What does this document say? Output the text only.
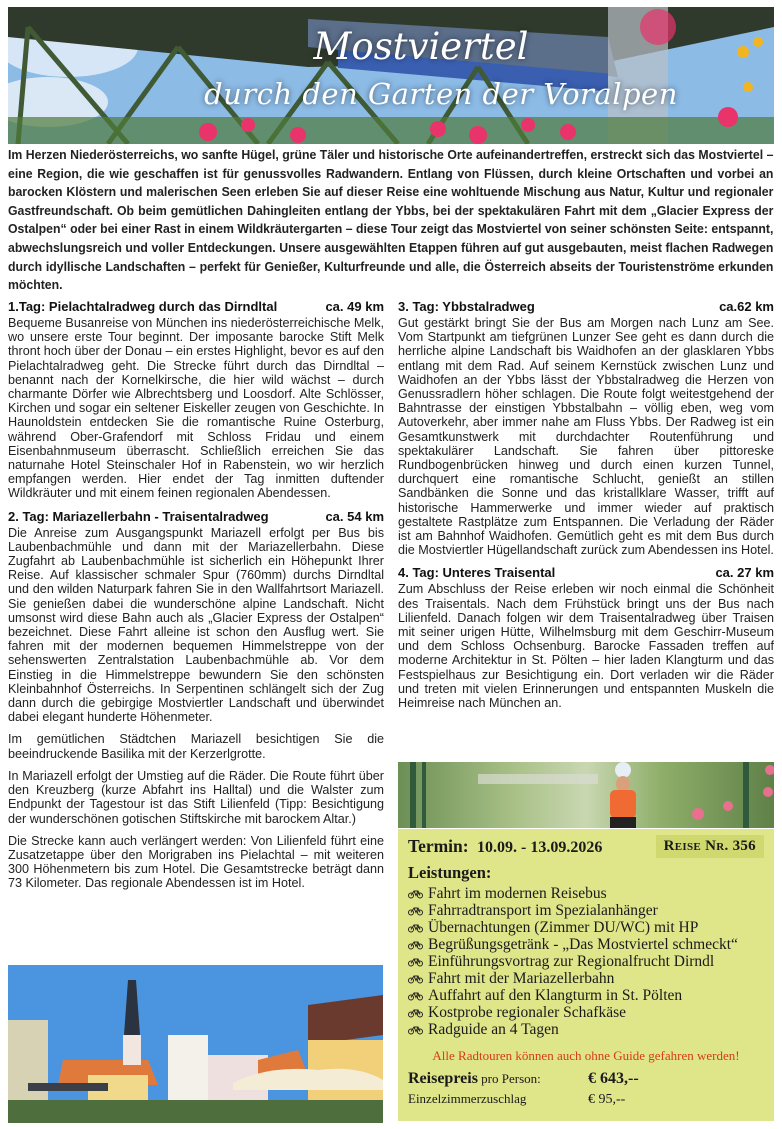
Mostviertel
durch den Garten der Voralpen
Im Herzen Niederösterreichs, wo sanfte Hügel, grüne Täler und historische Orte aufeinandertreffen, erstreckt sich das Mostviertel – eine Region, die wie geschaffen ist für genussvolles Radwandern. Entlang von Flüssen, durch kleine Ortschaften und vorbei an barocken Klöstern und malerischen Seen erleben Sie auf dieser Reise eine wohltuende Mischung aus Natur, Kultur und regionaler Gastfreundschaft. Ob beim gemütlichen Dahingleiten entlang der Ybbs, bei der spektakulären Fahrt mit dem „Glacier Express der Ostalpen“ oder bei einer Rast in einem Wildkräutergarten – diese Tour zeigt das Mostviertel von seiner schönsten Seite: entspannt, abwechslungsreich und voller Entdeckungen. Unsere ausgewählten Etappen führen auf gut ausgebauten, meist flachen Radwegen durch idyllische Landschaften – perfekt für Genießer, Kulturfreunde und alle, die Österreich abseits der Touristenströme erkunden möchten.
1.Tag: Pielachtalradweg durch das Dirndltal	ca. 49 km

Bequeme Busanreise von München ins niederösterreichische Melk, wo unsere erste Tour beginnt. Der imposante barocke Stift Melk thront hoch über der Donau – ein erstes Highlight, bevor es auf den Pielachtalradweg geht. Die Strecke führt durch das Dirndltal – benannt nach der Kornelkirsche, die hier wild wächst – durch charmante Dörfer wie Albrechtsberg und Loosdorf. Alte Schlösser, Kirchen und sogar ein seltener Eiskeller zeugen von Geschichte. In Haunoldstein entdecken Sie die romantische Ruine Osterburg, während Ober-Grafendorf mit Schloss Fridau und einem Eisenbahnmuseum überrascht. Schließlich erreichen Sie das naturnahe Hotel Steinschaler Hof in Rabenstein, wo wir herzlich empfangen werden. Hier endet der Tag inmitten duftender Wildkräuter und mit einem feinen regionalen Abendessen.

2. Tag: Mariazellerbahn - Traisentalradweg	ca. 54 km

Die Anreise zum Ausgangspunkt Mariazell erfolgt per Bus bis Laubenbachmühle und dann mit der Mariazellerbahn. Diese Zugfahrt ab Laubenbachmühle ist sicherlich ein Höhepunkt Ihrer Reise. Auf klassischer schmaler Spur (760mm) durchs Dirndltal und den wilden Naturpark fahren Sie in den Wallfahrtsort Mariazell. Sie genießen dabei die wunderschöne alpine Landschaft. Nicht umsonst wird diese Bahn auch als „Glacier Express der Ostalpen“ bezeichnet. Diese Fahrt alleine ist schon den Ausflug wert. Sie fahren mit der modernen bequemen Himmelstreppe von der sehenswerten Zentralstation Laubenbachmühle ab. Vor dem Einstieg in die Himmelstreppe bewundern Sie den schönsten Kleinbahnhof Österreichs. In Serpentinen schlängelt sich der Zug dann durch die gebirgige Mostviertler Landschaft und überwindet dabei elegant hunderte Höhenmeter.

Im gemütlichen Städtchen Mariazell besichtigen Sie die beeindruckende Basilika mit der Kerzerlgrotte.

In Mariazell erfolgt der Umstieg auf die Räder. Die Route führt über den Kreuzberg (kurze Abfahrt ins Halltal) und die Walster zum Endpunkt der Tagestour ist das Stift Lilienfeld (Tipp: Besichtigung der wunderschönen gotischen Stiftskirche mit barockem Altar.)

Die Strecke kann auch verlängert werden: Von Lilienfeld führt eine Zusatzetappe über den Morigraben ins Pielachtal – mit weiteren 300 Höhenmetern bis zum Hotel. Die Gesamtstrecke beträgt dann 73 Kilometer. Das regionale Abendessen ist im Hotel.

3. Tag: Ybbstalradweg	ca.62 km

Gut gestärkt bringt Sie der Bus am Morgen nach Lunz am See. Vom Startpunkt am tiefgrünen Lunzer See geht es dann durch die herrliche alpine Landschaft bis Waidhofen an der glasklaren Ybbs entlang mit dem Rad. Auf seinem Kernstück zwischen Lunz und Waidhofen an der Ybbs lässt der Ybbstalradweg die Herzen von Genussradlern höher schlagen. Die Route folgt weitestgehend der Bahntrasse der einstigen Ybbstalbahn – völlig eben, weg vom Autoverkehr, aber immer nahe am Fluss Ybbs. Der Radweg ist ein Gesamtkunstwerk mit durchdachter Routenführung und spektakulärer Landschaft. Sie fahren über pittoreske Rundbogenbrücken hinweg und durch einen kurzen Tunnel, durchquert eine romantische Schlucht, genießt an stillen Sandbänken die Sonne und das kristallklare Wasser, trifft auf historische Hammerwerke und immer wieder auf praktisch gestaltete Rastplätze zum Entspannen. Die Verladung der Räder ist am Bahnhof Waidhofen. Gemütlich geht es mit dem Bus durch die Mostviertler Hügellandschaft zurück zum Abendessen ins Hotel.

4. Tag: Unteres Traisental	ca. 27 km

Zum Abschluss der Reise erleben wir noch einmal die Schönheit des Traisentals. Nach dem Frühstück bringt uns der Bus nach Lilienfeld. Danach folgen wir dem Traisentalradweg über Traisen mit seiner urigen Hütte, Wilhelmsburg mit dem Geschirr-Museum und dem Schloss Ochsenburg. Barocke Fassaden treffen auf moderne Architektur in St. Pölten – hier laden Klangturm und das Festspielhaus zur Besichtigung ein. Dort verladen wir die Räder und treten mit vielen Erinnerungen und entspannten Muskeln die Heimreise nach München an.

Termin: 10.09. - 13.09.2026	Reise Nr. 356
Leistungen:
Fahrt im modernen Reisebus
Fahrradtransport im Spezialanhänger
Übernachtungen (Zimmer DU/WC) mit HP
Begrüßungsgetränk - „Das Mostviertel schmeckt“
Einführungsvortrag zur Regionalfrucht Dirndl
Fahrt mit der Mariazellerbahn
Auffahrt auf den Klangturm in St. Pölten
Kostprobe regionaler Schafkäse
Radguide an 4 Tagen
Alle Radtouren können auch ohne Guide gefahren werden!
Reisepreis pro Person:	€ 643,--
Einzelzimmerzuschlag	€ 95,--
